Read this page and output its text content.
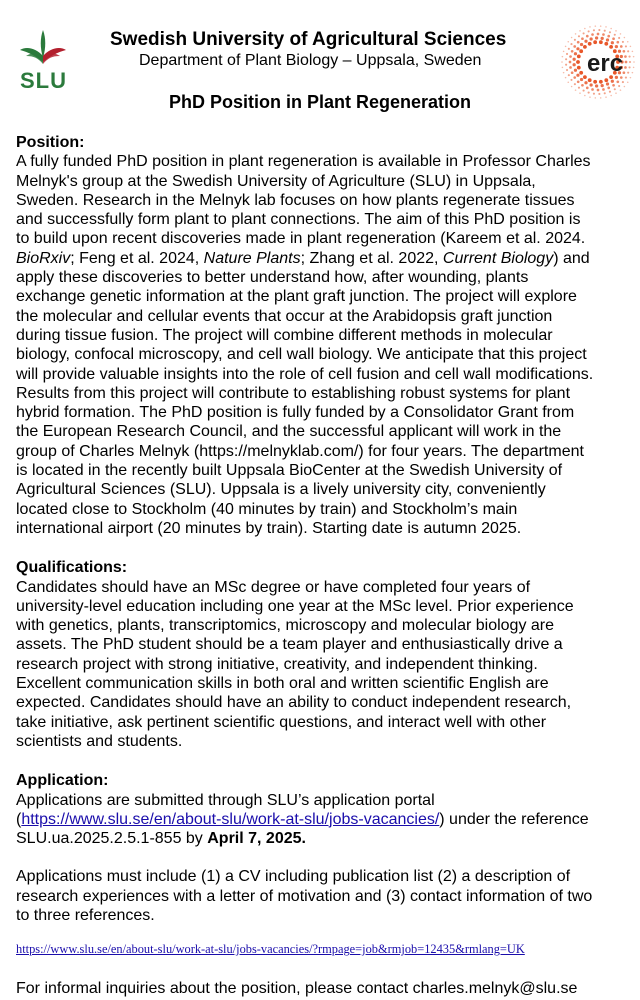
SLU
Swedish University of Agricultural Sciences
Department of Plant Biology – Uppsala, Sweden	erc
PhD Position in Plant Regeneration

Position:

A fully funded PhD position in plant regeneration is available in Professor Charles

Melnyk's group at the Swedish University of Agriculture (SLU) in Uppsala,

Sweden. Research in the Melnyk lab focuses on how plants regenerate tissues

and successfully form plant to plant connections. The aim of this PhD position is

to build upon recent discoveries made in plant regeneration (Kareem et al. 2024.

BioRxiv; Feng et al. 2024, Nature Plants; Zhang et al. 2022, Current Biology) and

apply these discoveries to better understand how, after wounding, plants

exchange genetic information at the plant graft junction. The project will explore

the molecular and cellular events that occur at the Arabidopsis graft junction

during tissue fusion. The project will combine different methods in molecular

biology, confocal microscopy, and cell wall biology. We anticipate that this project

will provide valuable insights into the role of cell fusion and cell wall modifications.

Results from this project will contribute to establishing robust systems for plant

hybrid formation. The PhD position is fully funded by a Consolidator Grant from

the European Research Council, and the successful applicant will work in the

group of Charles Melnyk (https://melnyklab.com/) for four years. The department

is located in the recently built Uppsala BioCenter at the Swedish University of

Agricultural Sciences (SLU). Uppsala is a lively university city, conveniently

located close to Stockholm (40 minutes by train) and Stockholm’s main

international airport (20 minutes by train). Starting date is autumn 2025.

Qualifications:

Candidates should have an MSc degree or have completed four years of

university-level education including one year at the MSc level. Prior experience

with genetics, plants, transcriptomics, microscopy and molecular biology are

assets. The PhD student should be a team player and enthusiastically drive a

research project with strong initiative, creativity, and independent thinking.

Excellent communication skills in both oral and written scientific English are

expected. Candidates should have an ability to conduct independent research,

take initiative, ask pertinent scientific questions, and interact well with other

scientists and students.

Application:

Applications are submitted through SLU’s application portal

(https://www.slu.se/en/about-slu/work-at-slu/jobs-vacancies/) under the reference

SLU.ua.2025.2.5.1-855 by April 7, 2025.

Applications must include (1) a CV including publication list (2) a description of

research experiences with a letter of motivation and (3) contact information of two

to three references.

https://www.slu.se/en/about-slu/work-at-slu/jobs-vacancies/?rmpage=job&rmjob=12435&rmlang=UK

For informal inquiries about the position, please contact charles.melnyk@slu.se
